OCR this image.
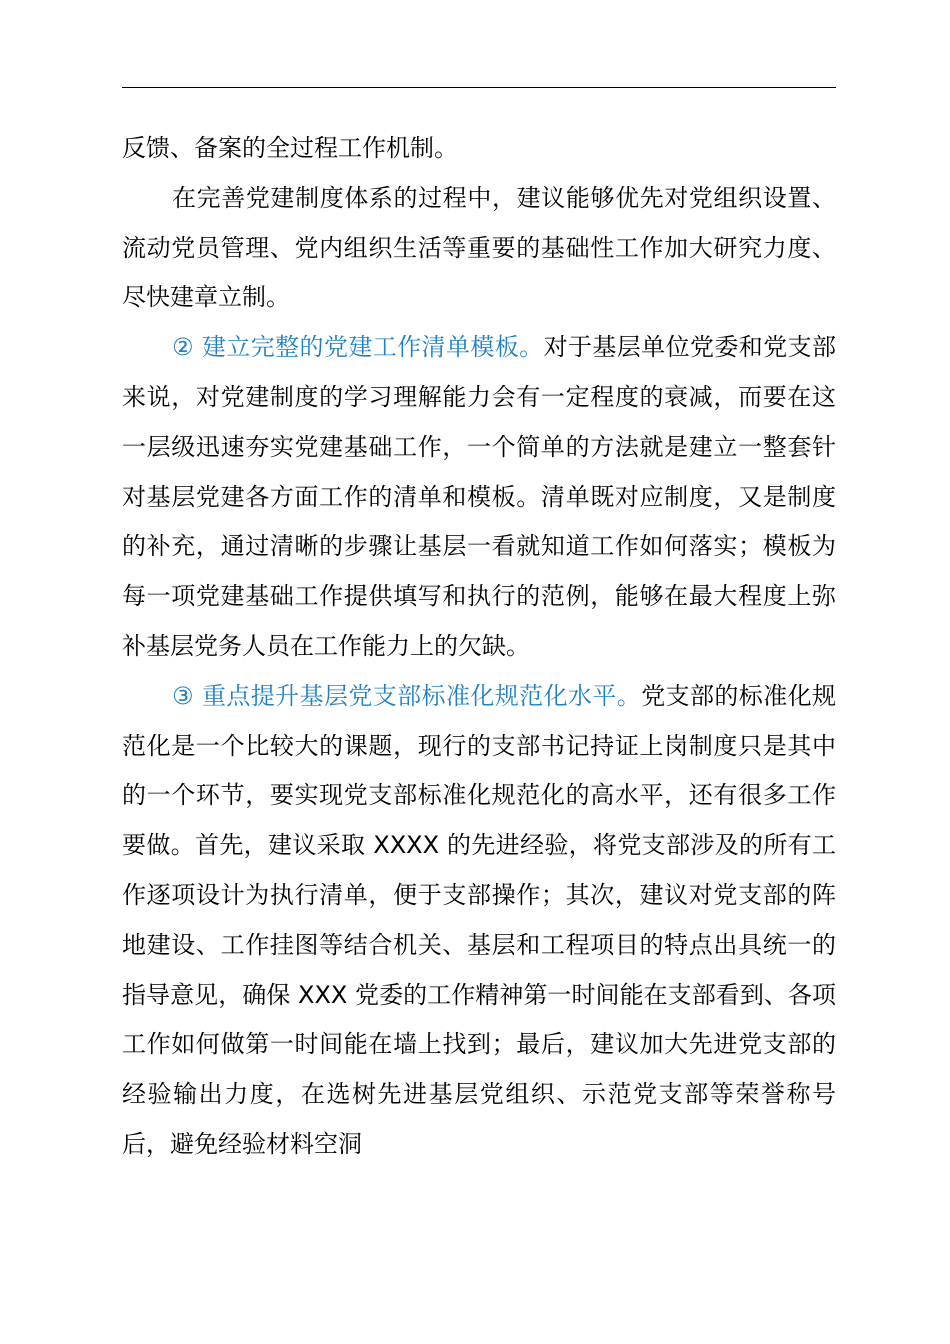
反馈、备案的全过程工作机制。

在完善党建制度体系的过程中，建议能够优先对党组织设置、流动党员管理、党内组织生活等重要的基础性工作加大研究力度、尽快建章立制。

② 建立完整的党建工作清单模板。对于基层单位党委和党支部来说，对党建制度的学习理解能力会有一定程度的衰减，而要在这一层级迅速夯实党建基础工作，一个简单的方法就是建立一整套针对基层党建各方面工作的清单和模板。清单既对应制度，又是制度的补充，通过清晰的步骤让基层一看就知道工作如何落实；模板为每一项党建基础工作提供填写和执行的范例，能够在最大程度上弥补基层党务人员在工作能力上的欠缺。

③ 重点提升基层党支部标准化规范化水平。党支部的标准化规范化是一个比较大的课题，现行的支部书记持证上岗制度只是其中的一个环节，要实现党支部标准化规范化的高水平，还有很多工作要做。首先，建议采取 XXXX 的先进经验，将党支部涉及的所有工作逐项设计为执行清单，便于支部操作；其次，建议对党支部的阵地建设、工作挂图等结合机关、基层和工程项目的特点出具统一的指导意见，确保 XXX 党委的工作精神第一时间能在支部看到、各项工作如何做第一时间能在墙上找到；最后，建议加大先进党支部的经验输出力度，在选树先进基层党组织、示范党支部等荣誉称号后，避免经验材料空洞
